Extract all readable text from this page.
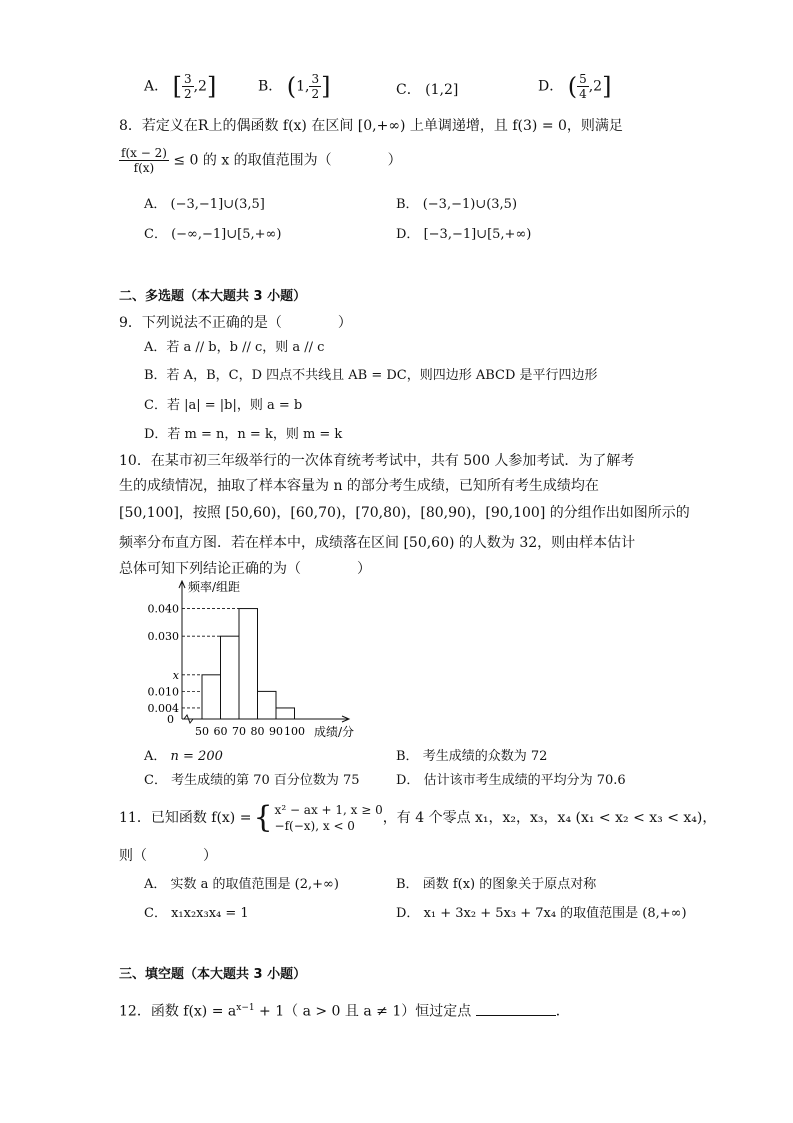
A． [ $\frac{3}{2} ,2$]	B． (1, $\frac{3}{2}$ ]	C． (1,2]	D． ( $\frac{5}{4} ,2$]
8．若定义在R上的偶函数 f(x) 在区间 [0,+∞) 上单调递增，且 f(3) = 0，则满足
$\frac{f(x - 2)}{f(x)} \le 0$ 的 x 的取值范围为（　　　　）
A． (−3,−1]∪(3,5]	B． (−3,−1)∪(3,5)
C． (−∞,−1]∪[5,+∞)	D． [−3,−1]∪[5,+∞)
二、多选题（本大题共 3 小题）
9．下列说法不正确的是（　　　　）
A．若 a // b，b // c，则 a // c
B．若 A，B，C，D 四点不共线且 AB = DC，则四边形 ABCD 是平行四边形
C．若 |a| = |b|，则 a = b
D．若 m = n，n = k，则 m = k
10．在某市初三年级举行的一次体育统考考试中，共有 500 人参加考试．为了解考
生的成绩情况，抽取了样本容量为 n 的部分考生成绩，已知所有考生成绩均在
[50,100]，按照 [50,60)，[60,70)，[70,80)，[80,90)，[90,100] 的分组作出如图所示的
频率分布直方图．若在样本中，成绩落在区间 [50,60) 的人数为 32，则由样本估计
总体可知下列结论正确的为（　　　　）
0.040
0.030
x
0.010
0.004
0
50 60 70 80 90 100
频率/组距
成绩/分
A． n = 200	B． 考生成绩的众数为 72
C． 考生成绩的第 70 百分位数为 75	D． 估计该市考生成绩的平均分为 70.6
11．已知函数 f(x) = { x² − ax + 1, x ≥ 0
−f(−x), x < 0	，有 4 个零点 x₁，x₂，x₃，x₄ (x₁ < x₂ < x₃ < x₄)，
则（　　　　）
A． 实数 a 的取值范围是 (2,+∞)	B． 函数 f(x) 的图象关于原点对称
C． x₁x₂x₃x₄ = 1	D． x₁ + 3x₂ + 5x₃ + 7x₄ 的取值范围是 (8,+∞)
三、填空题（本大题共 3 小题）
12．函数 $f(x) = a^{x-1} + 1$（ a > 0 且 a ≠ 1）恒过定点	．
